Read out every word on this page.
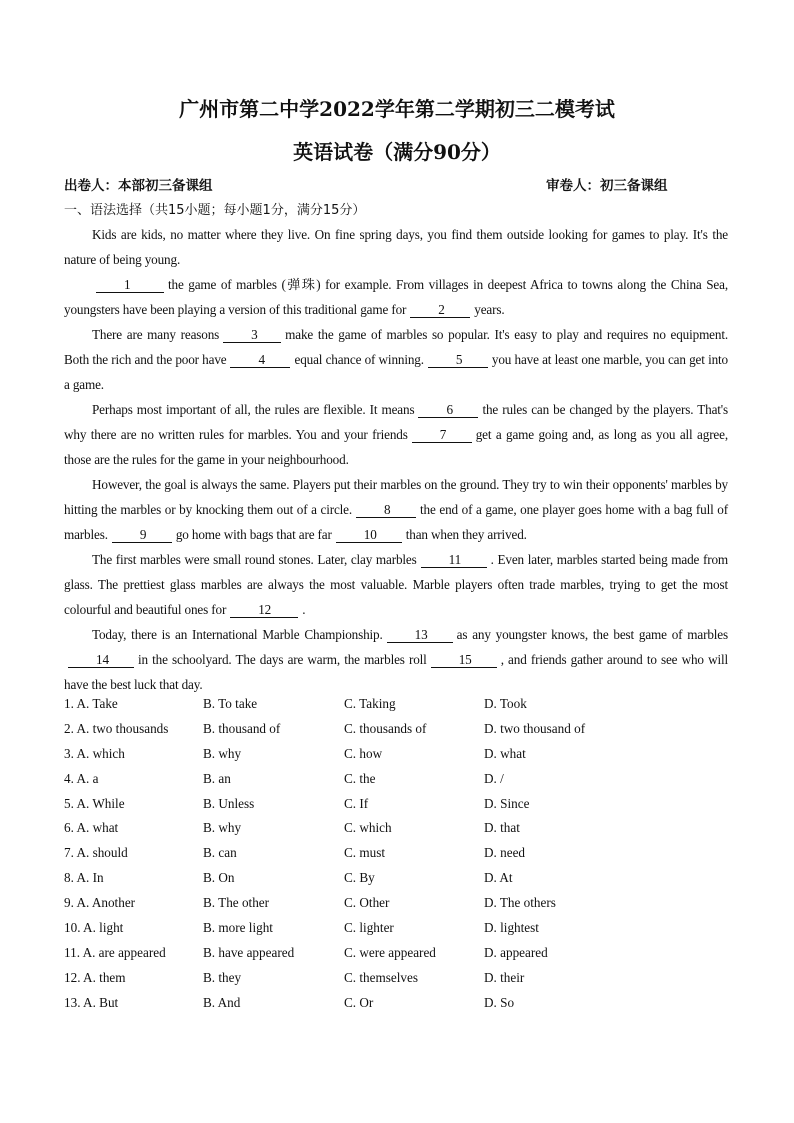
广州市第二中学2022学年第二学期初三二模考试
英语试卷（满分90分）
出卷人：本部初三备课组	审卷人：初三备课组
一、语法选择（共15小题；每小题1分，满分15分）

Kids are kids, no matter where they live. On fine spring days, you find them outside looking for games to play. It's the nature of being young.

1	the game of marbles (弹珠) for example. From villages in deepest Africa to towns along the China Sea, youngsters have been playing a version of this traditional game for 2 years.

There are many reasons 3 make the game of marbles so popular. It's easy to play and requires no equipment. Both the rich and the poor have 4 equal chance of winning. 5 you have at least one marble, you can get into a game.

Perhaps most important of all, the rules are flexible. It means 6 the rules can be changed by the players. That's why there are no written rules for marbles. You and your friends 7 get a game going and, as long as you all agree, those are the rules for the game in your neighbourhood.

However, the goal is always the same. Players put their marbles on the ground. They try to win their opponents' marbles by hitting the marbles or by knocking them out of a circle. 8 the end of a game, one player goes home with a bag full of marbles. 9 go home with bags that are far 10 than when they arrived.

The first marbles were small round stones. Later, clay marbles 11 . Even later, marbles started being made from glass. The prettiest glass marbles are always the most valuable. Marble players often trade marbles, trying to get the most colourful and beautiful ones for 12 .

Today, there is an International Marble Championship. 13 as any youngster knows, the best game of marbles14 in the schoolyard. The days are warm, the marbles roll 15 , and friends gather around to see who will have the best luck that day.

1. A. Take	B. To take	C. Taking	D. Took
2. A. two thousands	B. thousand of	C. thousands of	D. two thousand of
3. A. which	B. why	C. how	D. what
4. A. a	B. an	C. the	D. /
5. A. While	B. Unless	C. If	D. Since
6. A. what	B. why	C. which	D. that
7. A. should	B. can	C. must	D. need
8. A. In	B. On	C. By	D. At
9. A. Another	B. The other	C. Other	D. The others
10. A. light	B. more light	C. lighter	D. lightest
11. A. are appeared	B. have appeared	C. were appeared	D. appeared
12. A. them	B. they	C. themselves	D. their
13. A. But	B. And	C. Or	D. So
